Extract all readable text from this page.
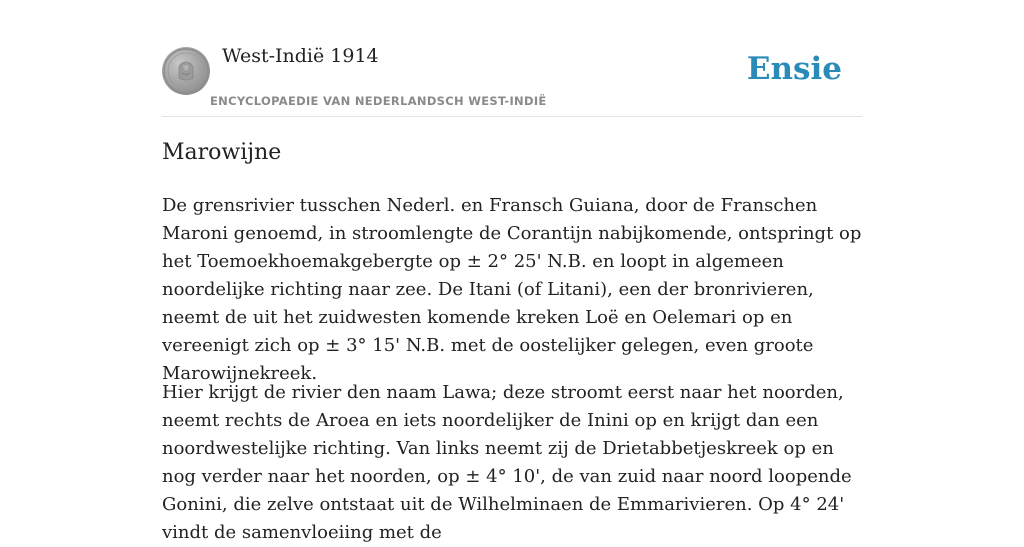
West-Indië 1914
ENCYCLOPAEDIE VAN NEDERLANDSCH WEST-INDIË
Ensie
Marowijne

De grensrivier tusschen Nederl. en Fransch Guiana, door de Franschen Maroni genoemd, in stroomlengte de Corantijn nabijkomende, ontspringt op het Toemoekhoemakgebergte op ± 2° 25' N.B. en loopt in algemeen noordelijke richting naar zee. De Itani (of Litani), een der bronrivieren, neemt de uit het zuidwesten komende kreken Loë en Oelemari op en vereenigt zich op ± 3° 15' N.B. met de oostelijker gelegen, even groote Marowijnekreek.

Hier krijgt de rivier den naam Lawa; deze stroomt eerst naar het noorden, neemt rechts de Aroea en iets noordelijker de Inini op en krijgt dan een noordwestelijke richting. Van links neemt zij de Drietabbetjeskreek op en nog verder naar het noorden, op ± 4° 10', de van zuid naar noord loopende Gonini, die zelve ontstaat uit de Wilhelminaen de Emmarivieren. Op 4° 24' vindt de samenvloeiing met de
